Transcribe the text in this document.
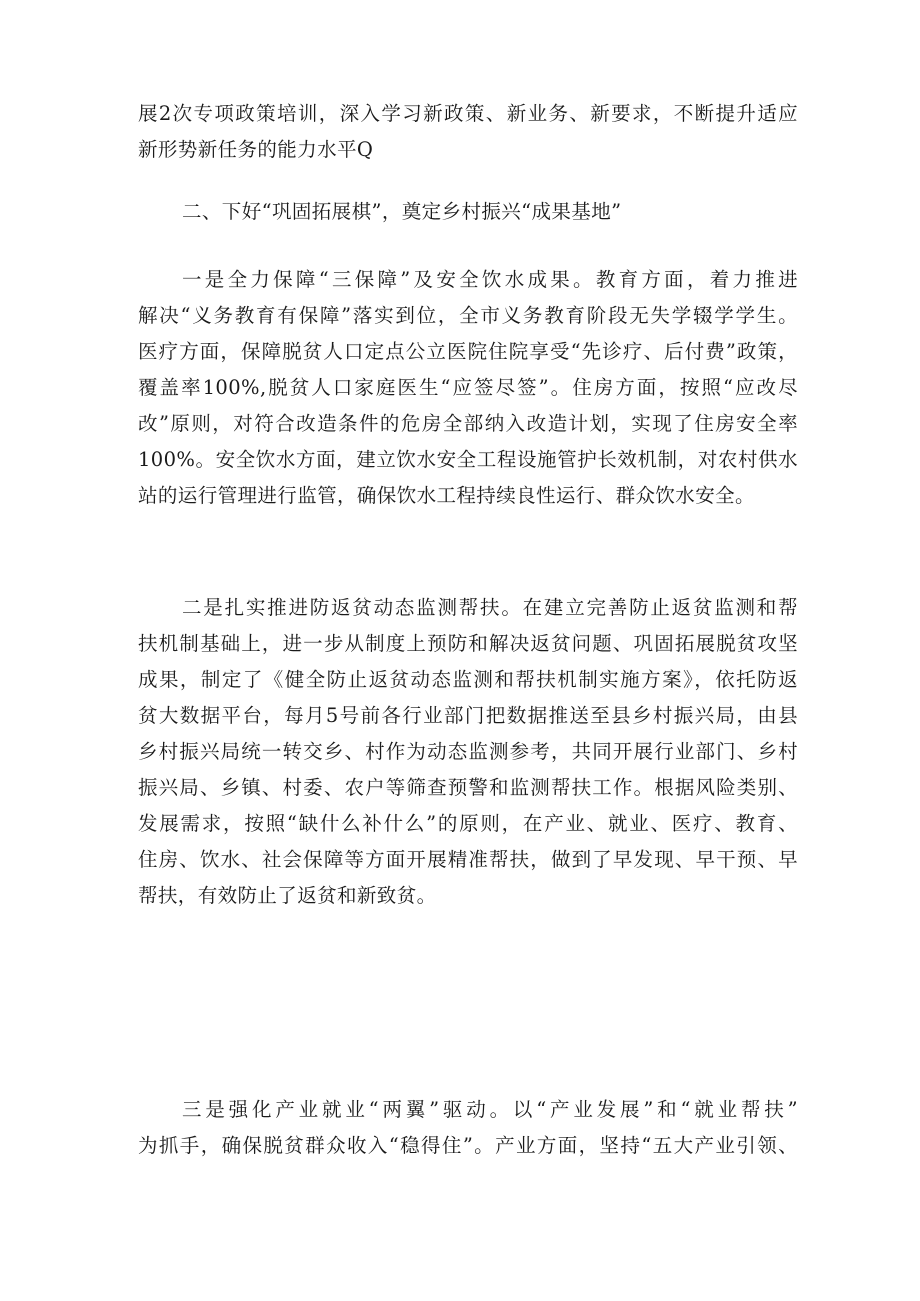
展2次专项政策培训，深入学习新政策、新业务、新要求，不断提升适应
新形势新任务的能力水平Q
二、下好“巩固拓展棋”，奠定乡村振兴“成果基地”
一是全力保障“三保障”及安全饮水成果。教育方面，着力推进
解决“义务教育有保障”落实到位，全市义务教育阶段无失学辍学学生。
医疗方面，保障脱贫人口定点公立医院住院享受“先诊疗、后付费”政策，
覆盖率100%,脱贫人口家庭医生“应签尽签”。住房方面，按照“应改尽
改”原则，对符合改造条件的危房全部纳入改造计划，实现了住房安全率
100%。安全饮水方面，建立饮水安全工程设施管护长效机制，对农村供水
站的运行管理进行监管，确保饮水工程持续良性运行、群众饮水安全。
二是扎实推进防返贫动态监测帮扶。在建立完善防止返贫监测和帮
扶机制基础上，进一步从制度上预防和解决返贫问题、巩固拓展脱贫攻坚
成果，制定了《健全防止返贫动态监测和帮扶机制实施方案》，依托防返
贫大数据平台，每月5号前各行业部门把数据推送至县乡村振兴局，由县
乡村振兴局统一转交乡、村作为动态监测参考，共同开展行业部门、乡村
振兴局、乡镇、村委、农户等筛查预警和监测帮扶工作。根据风险类别、
发展需求，按照“缺什么补什么”的原则，在产业、就业、医疗、教育、
住房、饮水、社会保障等方面开展精准帮扶，做到了早发现、早干预、早
帮扶，有效防止了返贫和新致贫。
三是强化产业就业“两翼”驱动。以“产业发展”和“就业帮扶”
为抓手，确保脱贫群众收入“稳得住”。产业方面，坚持“五大产业引领、
